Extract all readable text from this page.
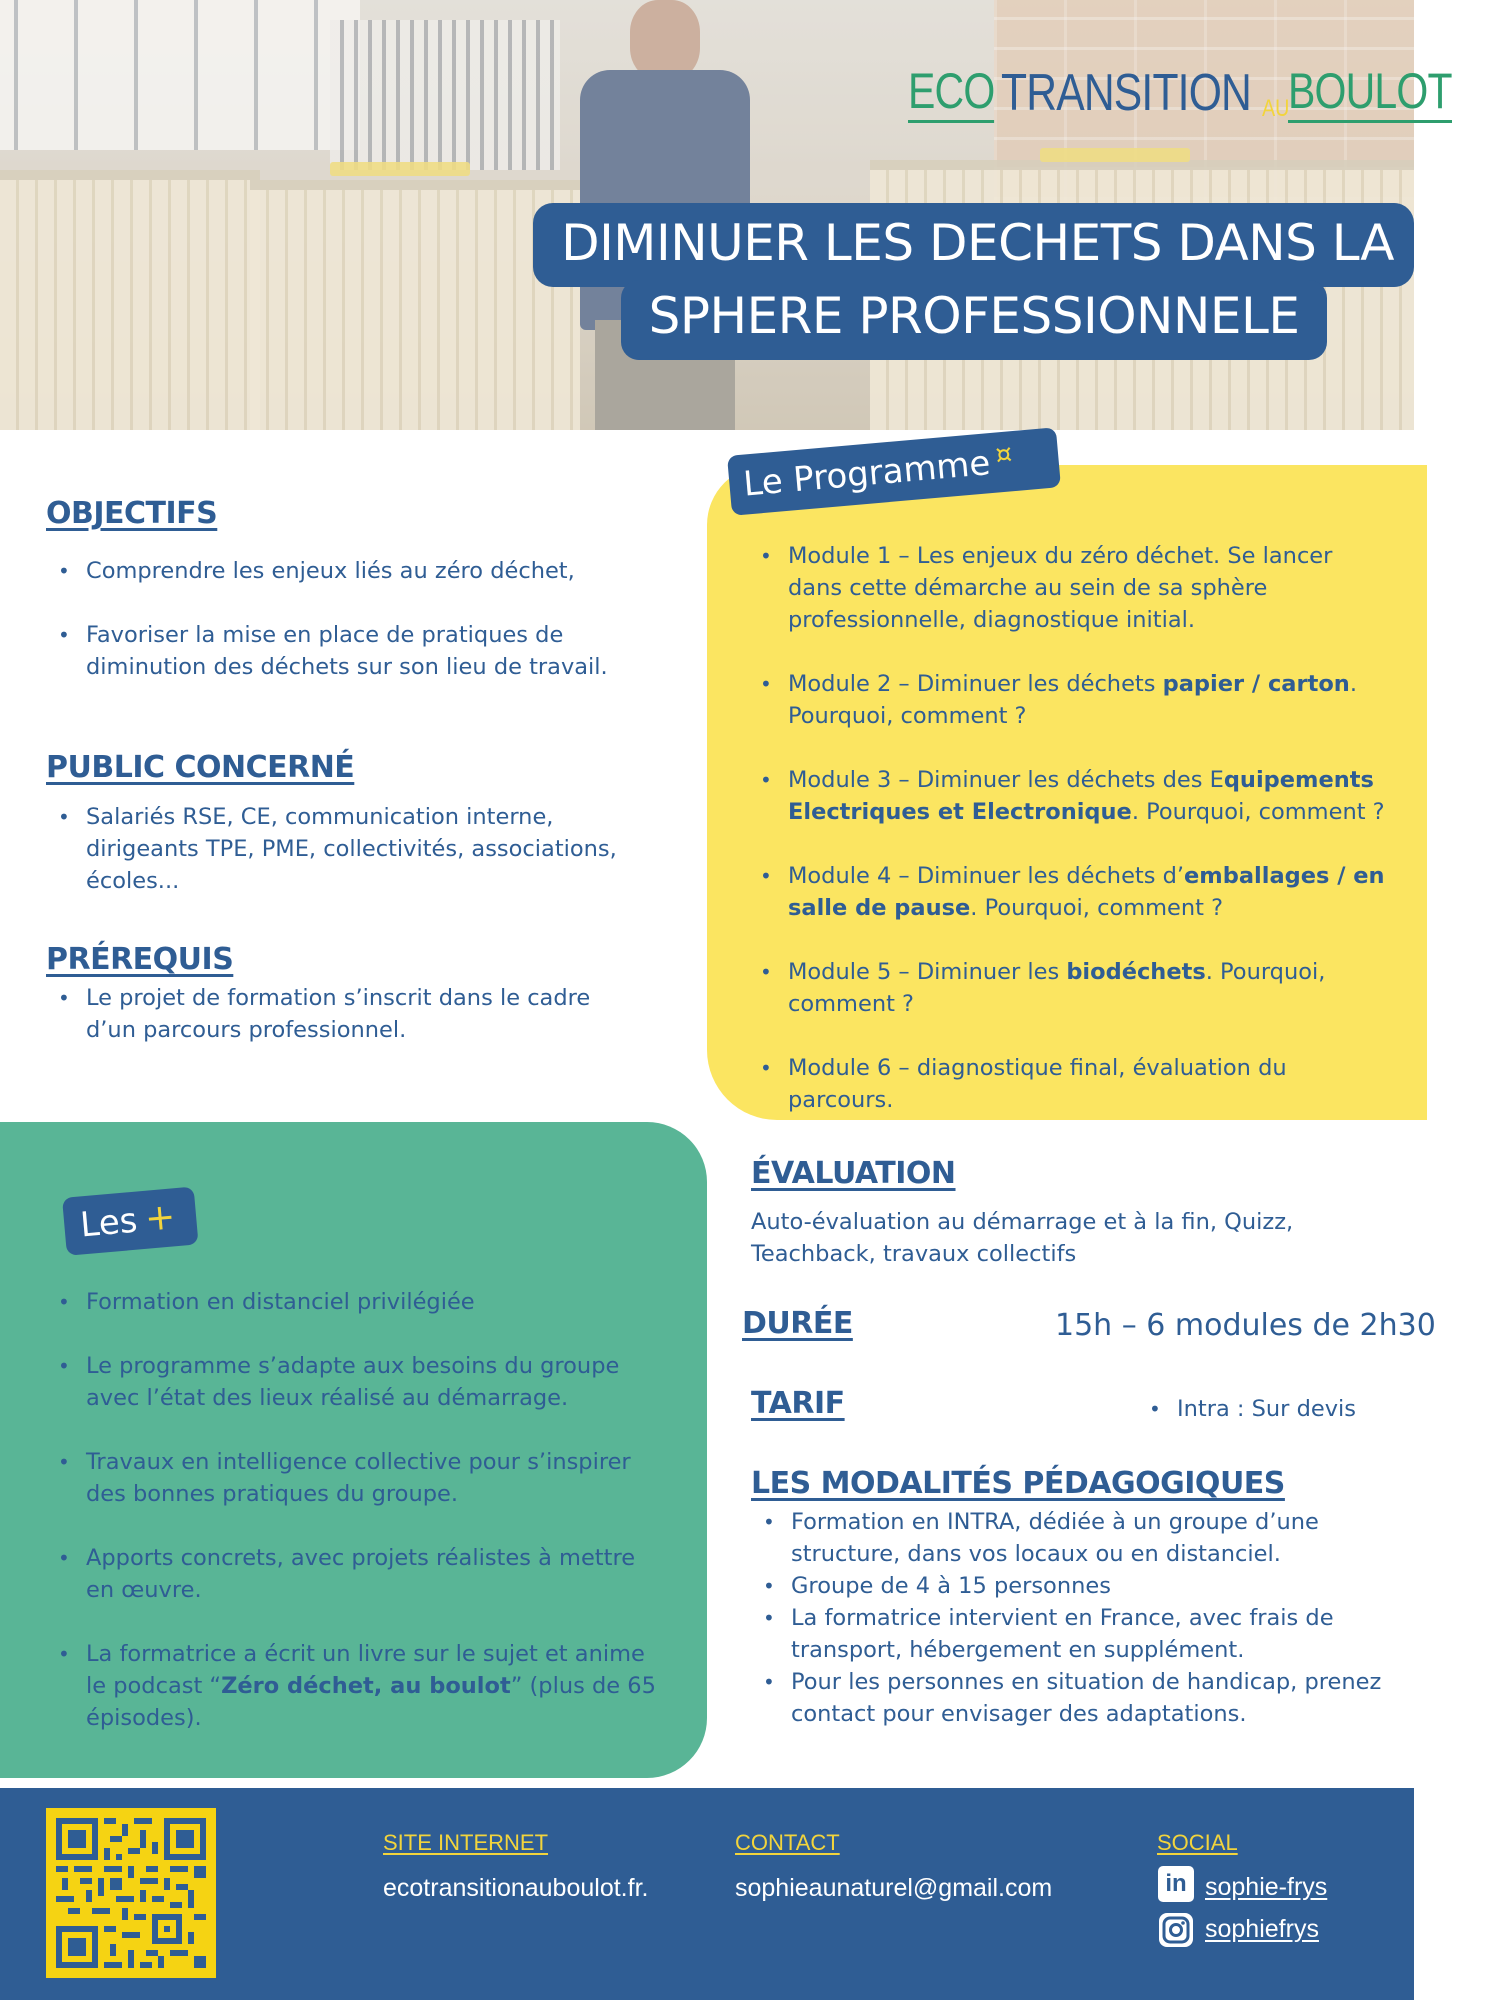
ECO TRANSITION AUBOULOT
DIMINUER LES DECHETS DANS LA
SPHERE PROFESSIONNELE
OBJECTIFS
• Comprendre les enjeux liés au zéro déchet,
• Favoriser la mise en place de pratiques de diminution des déchets sur son lieu de travail.
PUBLIC CONCERNÉ
• Salariés RSE, CE, communication interne, dirigeants TPE, PME, collectivités, associations, écoles...
PRÉREQUIS
• Le projet de formation s’inscrit dans le cadre d’un parcours professionnel.
Le Programme¤
• Module 1 – Les enjeux du zéro déchet. Se lancer dans cette démarche au sein de sa sphère professionnelle, diagnostique initial.
• Module 2 – Diminuer les déchets papier / carton. Pourquoi, comment ?
• Module 3 – Diminuer les déchets des Equipements Electriques et Electronique. Pourquoi, comment ?
• Module 4 – Diminuer les déchets d’emballages / en salle de pause. Pourquoi, comment ?
• Module 5 – Diminuer les biodéchets. Pourquoi, comment ?
• Module 6 – diagnostique final, évaluation du parcours.
Les +
• Formation en distanciel privilégiée
• Le programme s’adapte aux besoins du groupe avec l’état des lieux réalisé au démarrage.
• Travaux en intelligence collective pour s’inspirer des bonnes pratiques du groupe.
• Apports concrets, avec projets réalistes à mettre en œuvre.
• La formatrice a écrit un livre sur le sujet et anime le podcast “Zéro déchet, au boulot” (plus de 65 épisodes).
ÉVALUATION
Auto-évaluation au démarrage et à la fin, Quizz, Teachback, travaux collectifs
DURÉE	15h – 6 modules de 2h30
TARIF
•	Intra : Sur devis
LES MODALITÉS PÉDAGOGIQUES
• Formation en INTRA, dédiée à un groupe d’une structure, dans vos locaux ou en distanciel.
• Groupe de 4 à 15 personnes
• La formatrice intervient en France, avec frais de transport, hébergement en supplément.
• Pour les personnes en situation de handicap, prenez contact pour envisager des adaptations.
SITE INTERNET
ecotransitionauboulot.fr.
CONTACT
sophieaunaturel@gmail.com
SOCIAL
in sophie-frys
sophiefrys
